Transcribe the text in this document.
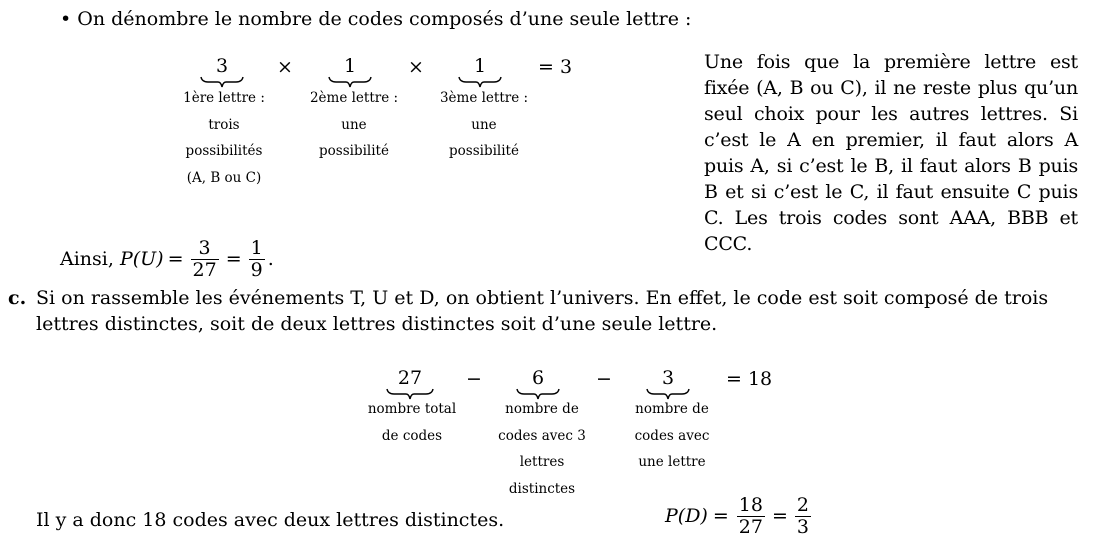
• On dénombre le nombre de codes composés d’une seule lettre :
3
1ère lettre :
trois
possibilités
(A, B ou C)
×	1
2ème lettre :
une
possibilité
×	1
3ème lettre :
une
possibilité
= 3	Une fois que la première lettre est fixée (A, B ou C), il ne reste plus qu’un seul choix pour les autres lettres. Si c’est le A en premier, il faut alors A puis A, si c’est le B, il faut alors B puis B et si c’est le C, il faut ensuite C puis C. Les trois codes sont AAA, BBB et CCC.
Ainsi, $P(U) = \frac{3}{27} = \frac{1}{9}$ .
c. Si on rassemble les événements T, U et D, on obtient l’univers. En effet, le code est soit composé de trois lettres distinctes, soit de deux lettres distinctes soit d’une seule lettre.
27
nombre total
de codes
−	6
nombre de
codes avec 3
lettres
distinctes
−	3
nombre de
codes avec
une lettre
= 18
Il y a donc 18 codes avec deux lettres distinctes.	$P(D) = \frac{18}{27} = \frac{2}{3}$
